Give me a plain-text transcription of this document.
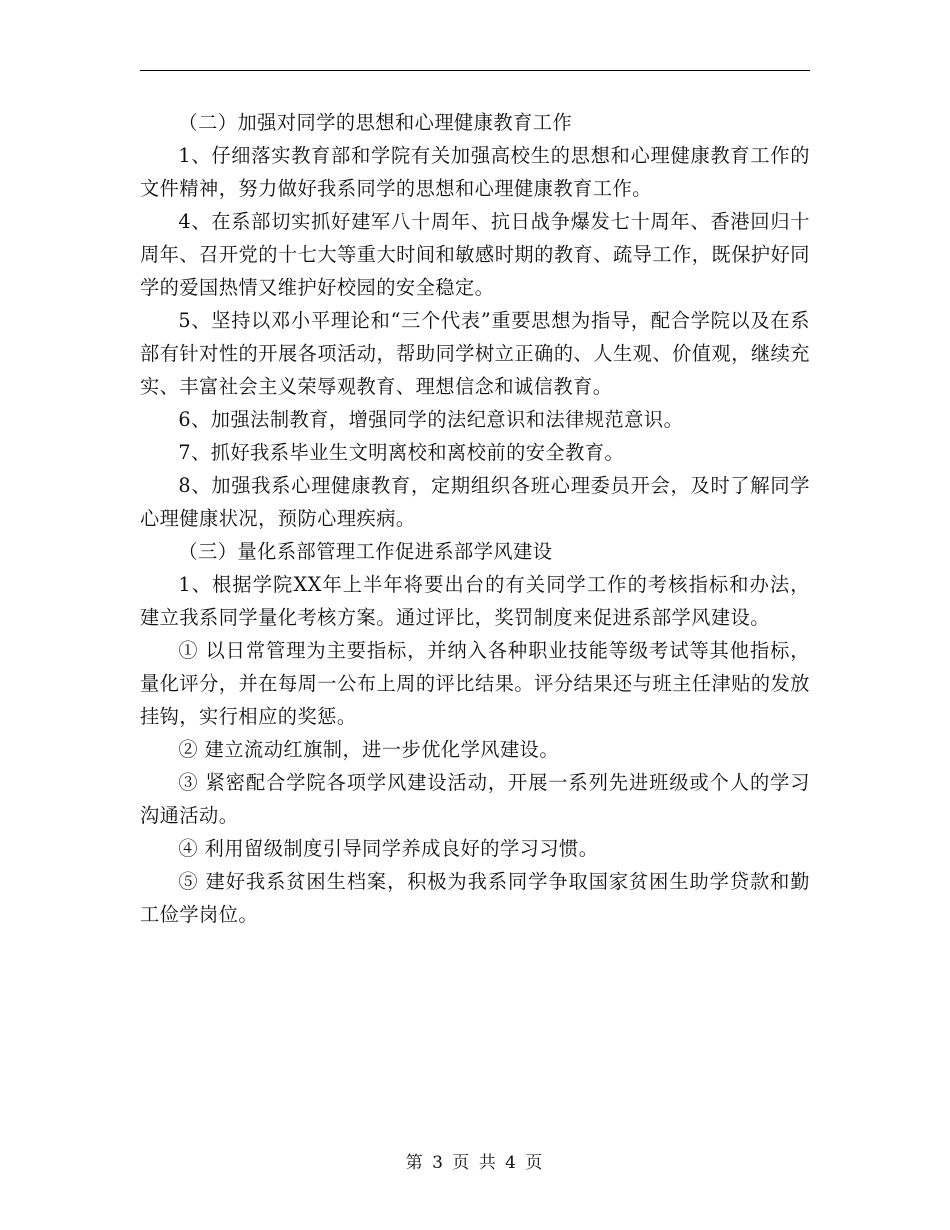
（二）加强对同学的思想和心理健康教育工作

1、仔细落实教育部和学院有关加强高校生的思想和心理健康教育工作的文件精神，努力做好我系同学的思想和心理健康教育工作。

4、在系部切实抓好建军八十周年、抗日战争爆发七十周年、香港回归十周年、召开党的十七大等重大时间和敏感时期的教育、疏导工作，既保护好同学的爱国热情又维护好校园的安全稳定。

5、坚持以邓小平理论和“三个代表”重要思想为指导，配合学院以及在系部有针对性的开展各项活动，帮助同学树立正确的、人生观、价值观，继续充实、丰富社会主义荣辱观教育、理想信念和诚信教育。

6、加强法制教育，增强同学的法纪意识和法律规范意识。

7、抓好我系毕业生文明离校和离校前的安全教育。

8、加强我系心理健康教育，定期组织各班心理委员开会，及时了解同学心理健康状况，预防心理疾病。

（三）量化系部管理工作促进系部学风建设

1、根据学院XX年上半年将要出台的有关同学工作的考核指标和办法，建立我系同学量化考核方案。通过评比，奖罚制度来促进系部学风建设。

① 以日常管理为主要指标，并纳入各种职业技能等级考试等其他指标，量化评分，并在每周一公布上周的评比结果。评分结果还与班主任津贴的发放挂钩，实行相应的奖惩。

② 建立流动红旗制，进一步优化学风建设。

③ 紧密配合学院各项学风建设活动，开展一系列先进班级或个人的学习沟通活动。

④ 利用留级制度引导同学养成良好的学习习惯。

⑤ 建好我系贫困生档案，积极为我系同学争取国家贫困生助学贷款和勤工俭学岗位。

第 3 页 共 4 页
